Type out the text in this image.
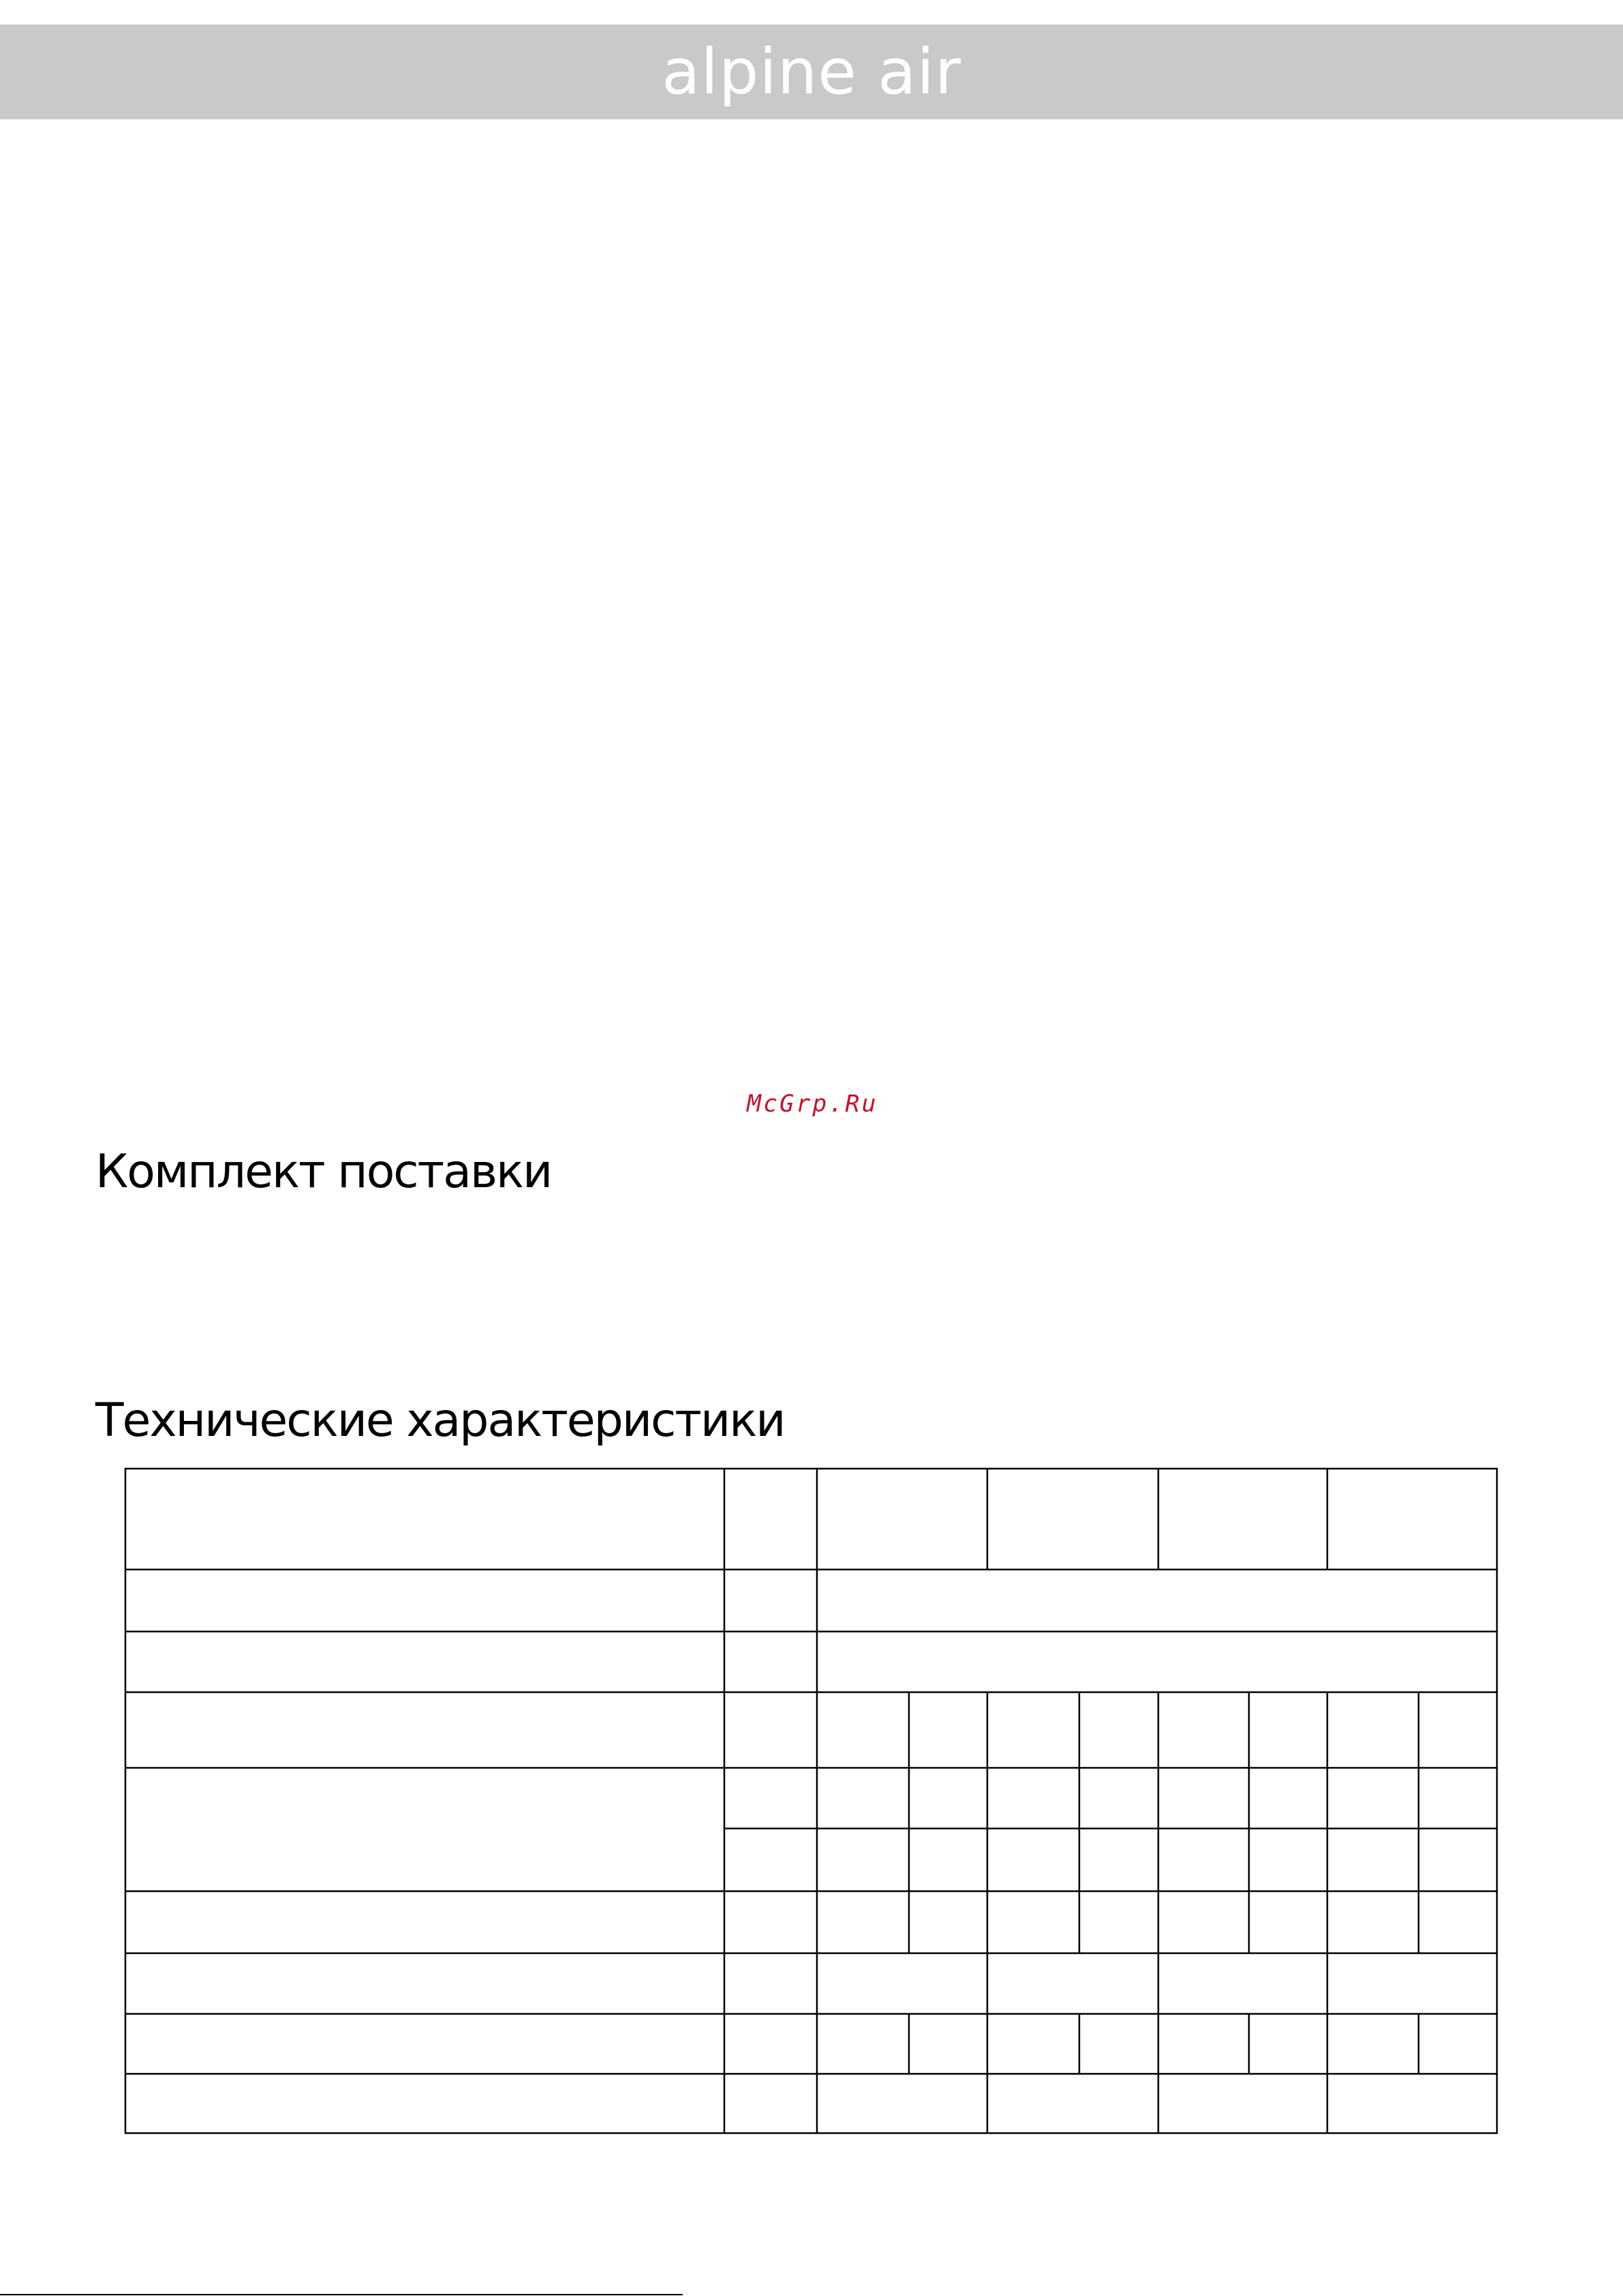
alpine air
McGrp.Ru
Комплект поставки
Технические характеристики
